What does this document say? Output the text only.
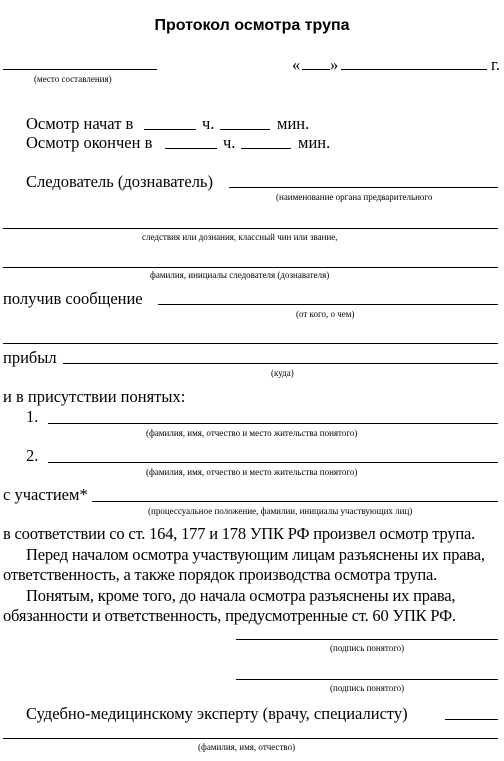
Протокол осмотра трупа
(место составления)
« »	г.
Осмотр начат в	ч.	мин.
Осмотр окончен в	ч.	мин.
Следователь (дознаватель)
(наименование органа предварительного
следствия или дознания, классный чин или звание,
фамилия, инициалы следователя (дознавателя)
получив сообщение
(от кого, о чем)
прибыл
(куда)
и в присутствии понятых:
1.
(фамилия, имя, отчество и место жительства понятого)
2.
(фамилия, имя, отчество и место жительства понятого)
с участием*
(процессуальное положение, фамилии, инициалы участвующих лиц)
в соответствии со ст. 164, 177 и 178 УПК РФ произвел осмотр трупа.
Перед началом осмотра участвующим лицам разъяснены их права,
ответственность, а также порядок производства осмотра трупа.
Понятым, кроме того, до начала осмотра разъяснены их права,
обязанности и ответственность, предусмотренные ст. 60 УПК РФ.
(подпись понятого)
(подпись понятого)
Судебно-медицинскому эксперту (врачу, специалисту)
(фамилия, имя, отчество)
